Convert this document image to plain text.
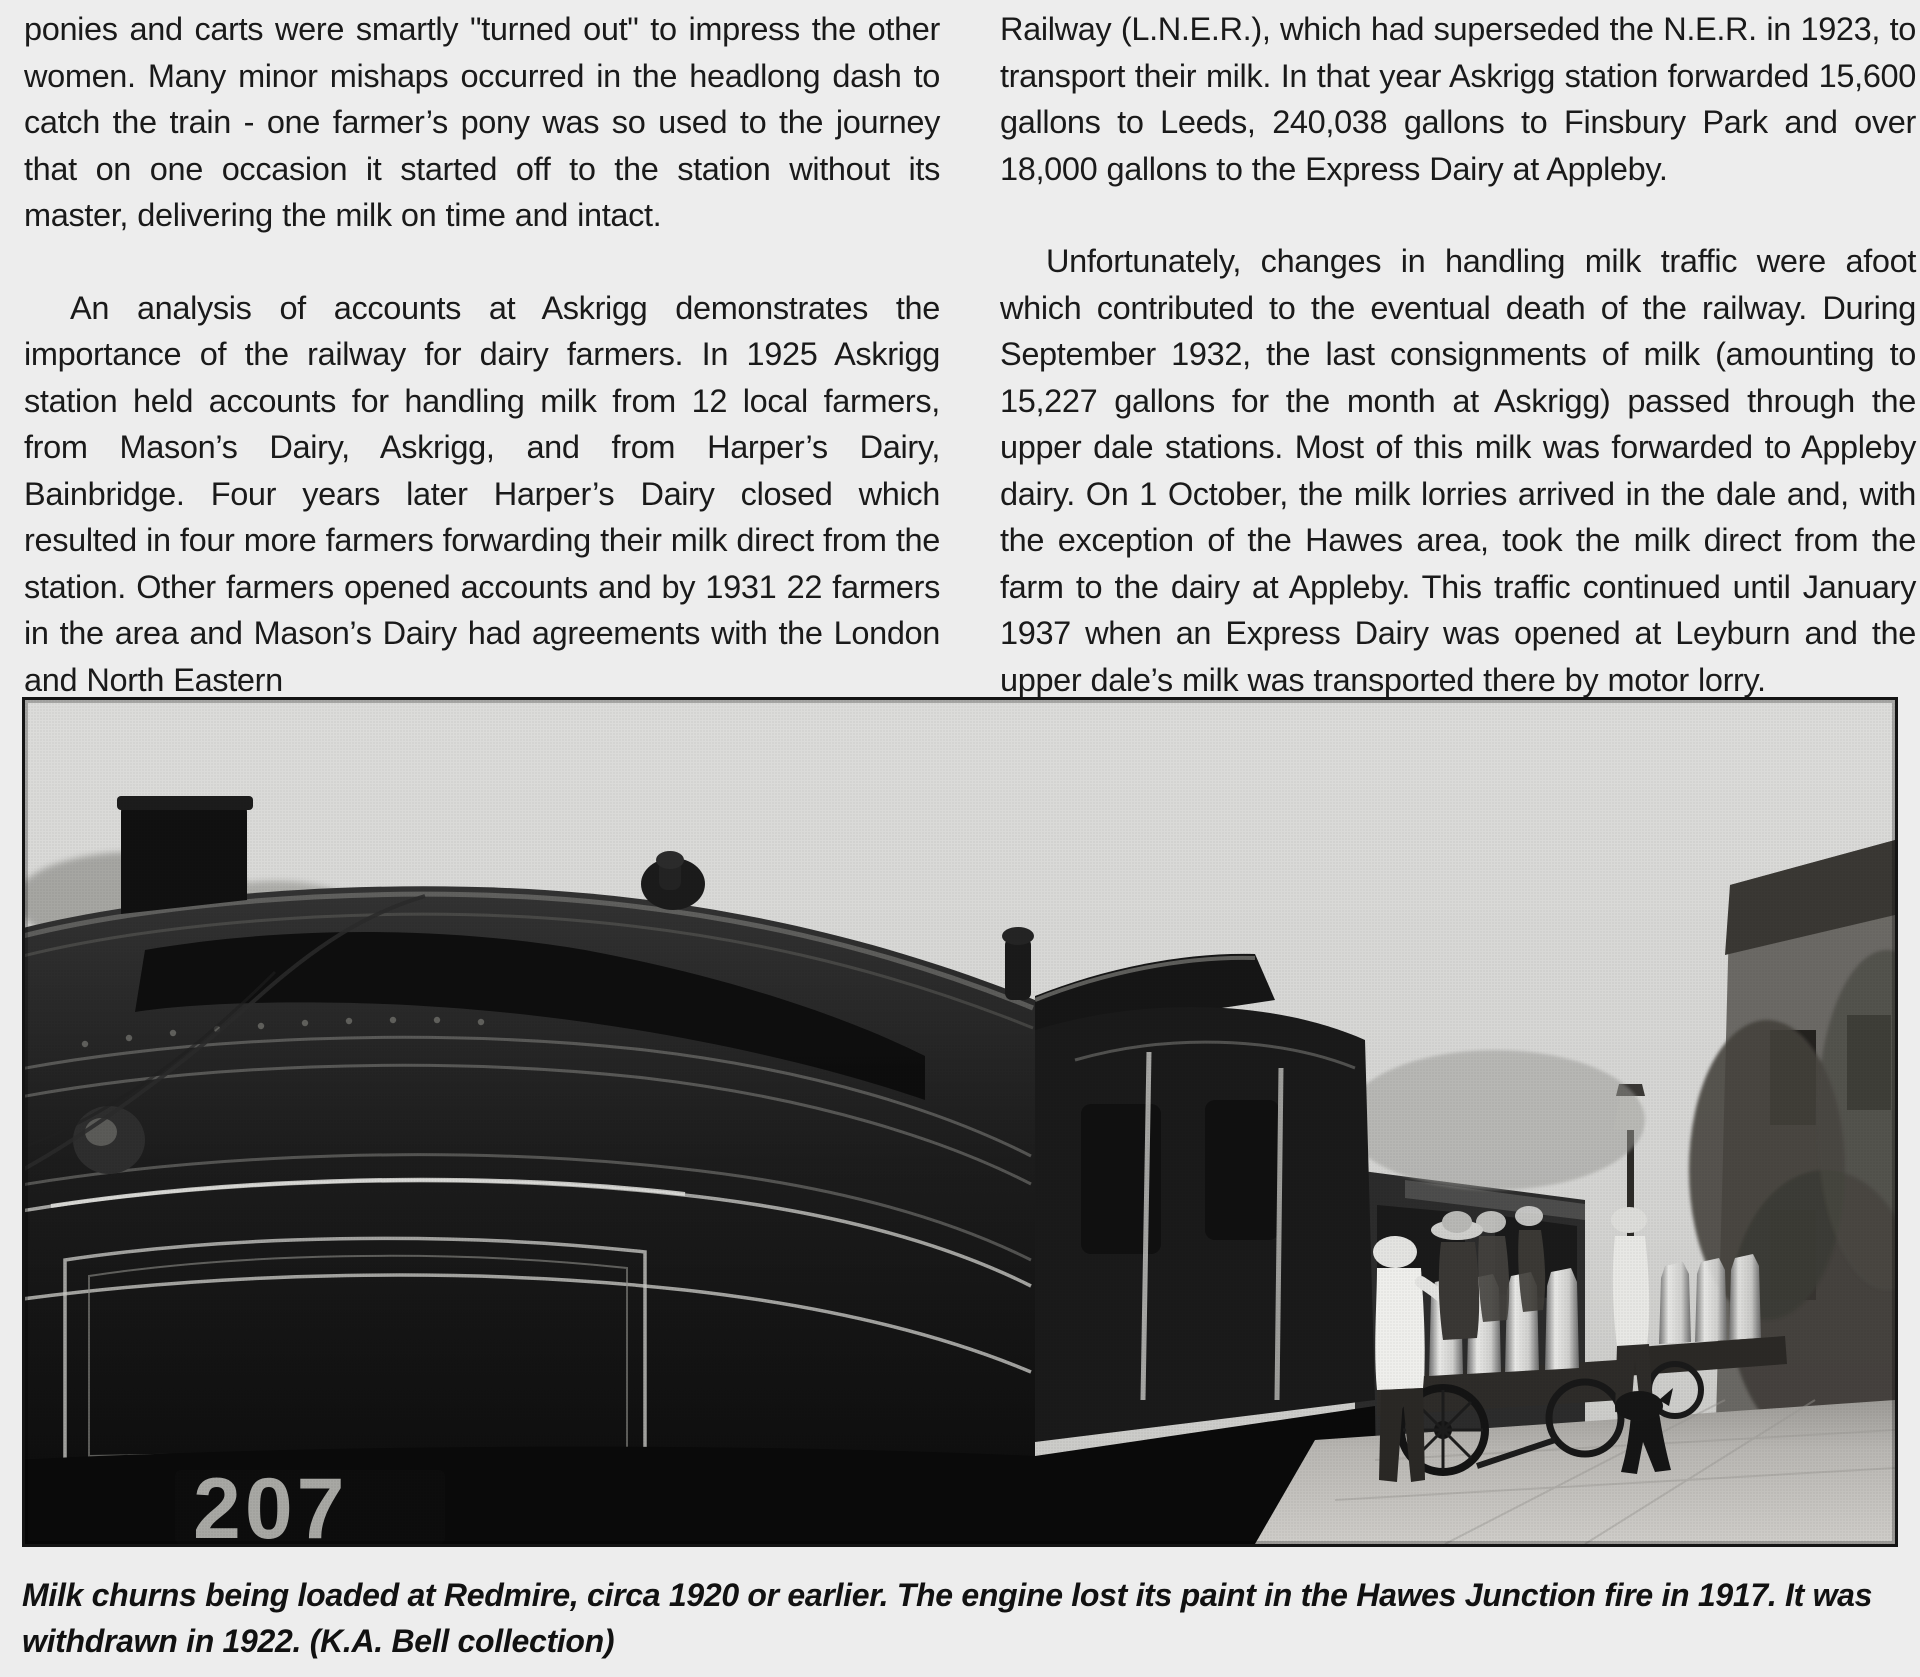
ponies and carts were smartly "turned out" to impress the other women. Many minor mishaps occurred in the headlong dash to catch the train - one farmer’s pony was so used to the journey that on one occasion it started off to the station without its master, delivering the milk on time and intact.

An analysis of accounts at Askrigg demonstrates the importance of the railway for dairy farmers. In 1925 Askrigg station held accounts for handling milk from 12 local farmers, from Mason’s Dairy, Askrigg, and from Harper’s Dairy, Bainbridge. Four years later Harper’s Dairy closed which resulted in four more farmers forwarding their milk direct from the station. Other farmers opened accounts and by 1931 22 farmers in the area and Mason’s Dairy had agreements with the London and North Eastern

Railway (L.N.E.R.), which had superseded the N.E.R. in 1923, to transport their milk. In that year Askrigg station forwarded 15,600 gallons to Leeds, 240,038 gallons to Finsbury Park and over 18,000 gallons to the Express Dairy at Appleby.

Unfortunately, changes in handling milk traffic were afoot which contributed to the eventual death of the railway. During September 1932, the last consignments of milk (amounting to 15,227 gallons for the month at Askrigg) passed through the upper dale stations. Most of this milk was forwarded to Appleby dairy. On 1 October, the milk lorries arrived in the dale and, with the exception of the Hawes area, took the milk direct from the farm to the dairy at Appleby. This traffic continued until January 1937 when an Express Dairy was opened at Leyburn and the upper dale’s milk was transported there by motor lorry.

Milk churns being loaded at Redmire, circa 1920 or earlier. The engine lost its paint in the Hawes Junction fire in 1917. It was withdrawn in 1922. (K.A. Bell collection)
